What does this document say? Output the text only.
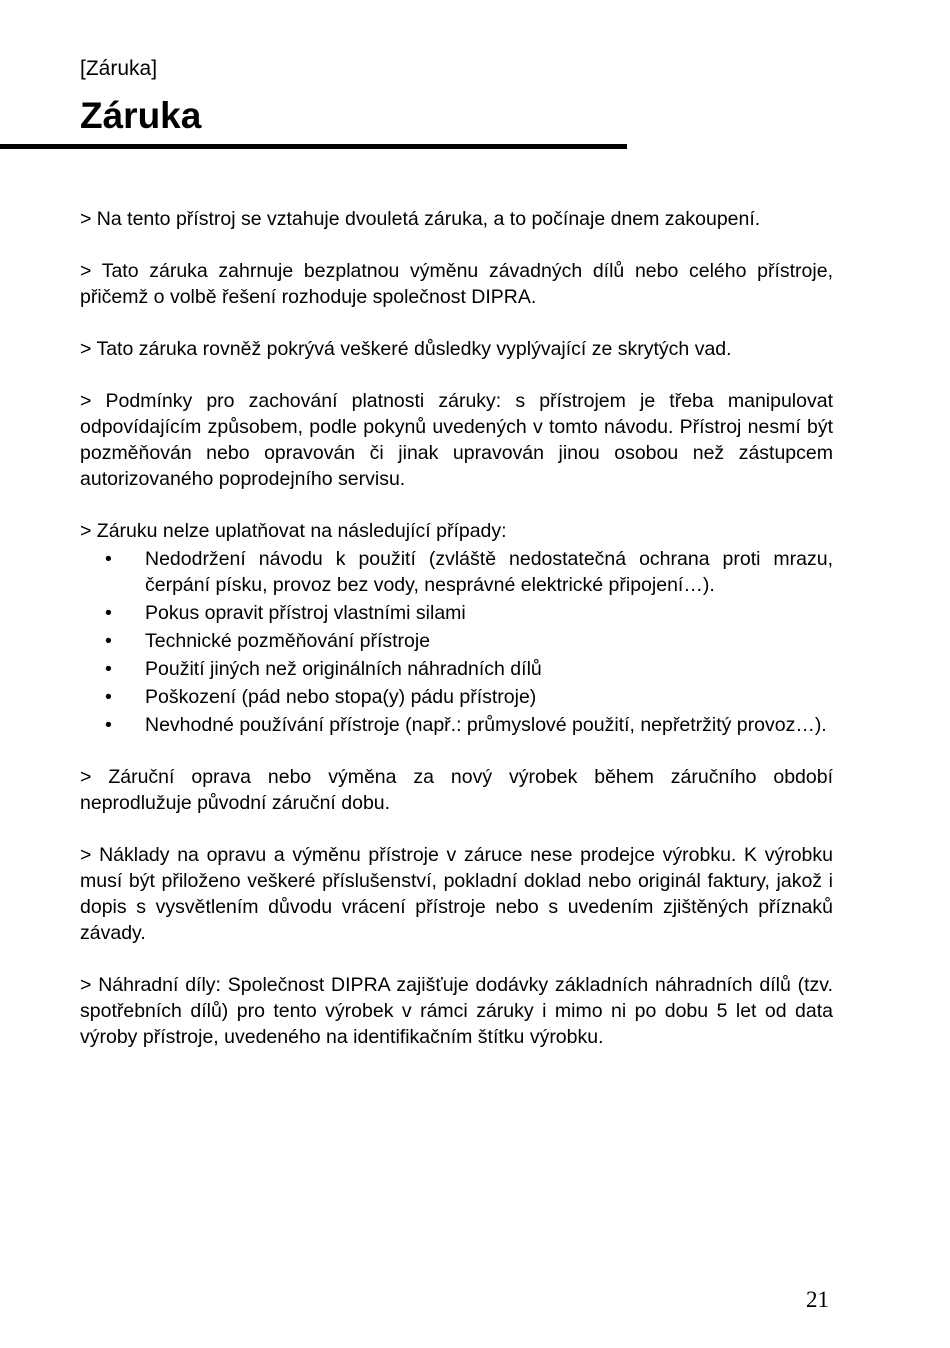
[Záruka]
Záruka

> Na tento přístroj se vztahuje dvouletá záruka, a to počínaje dnem zakoupení.

> Tato záruka zahrnuje bezplatnou výměnu závadných dílů nebo celého přístroje, přičemž o volbě řešení rozhoduje společnost DIPRA.

> Tato záruka rovněž pokrývá veškeré důsledky vyplývající ze skrytých vad.

> Podmínky pro zachování platnosti záruky: s přístrojem je třeba manipulovat odpovídajícím způsobem, podle pokynů uvedených v tomto návodu. Přístroj nesmí být pozměňován nebo opravován či jinak upravován jinou osobou než zástupcem autorizovaného poprodejního servisu.

> Záruku nelze uplatňovat na následující případy:

• Nedodržení návodu k použití (zvláště nedostatečná ochrana proti mrazu, čerpání písku, provoz bez vody, nesprávné elektrické připojení…).
• Pokus opravit přístroj vlastními silami
• Technické pozměňování přístroje
• Použití jiných než originálních náhradních dílů
• Poškození (pád nebo stopa(y) pádu přístroje)
• Nevhodné používání přístroje (např.: průmyslové použití, nepřetržitý provoz…).

> Záruční oprava nebo výměna za nový výrobek během záručního období neprodlužuje původní záruční dobu.

> Náklady na opravu a výměnu přístroje v záruce nese prodejce výrobku. K výrobku musí být přiloženo veškeré příslušenství, pokladní doklad nebo originál faktury, jakož i dopis s vysvětlením důvodu vrácení přístroje nebo s uvedením zjištěných příznaků závady.

> Náhradní díly: Společnost DIPRA zajišťuje dodávky základních náhradních dílů (tzv. spotřebních dílů) pro tento výrobek v rámci záruky i mimo ni po dobu 5 let od data výroby přístroje, uvedeného na identifikačním štítku výrobku.

21
